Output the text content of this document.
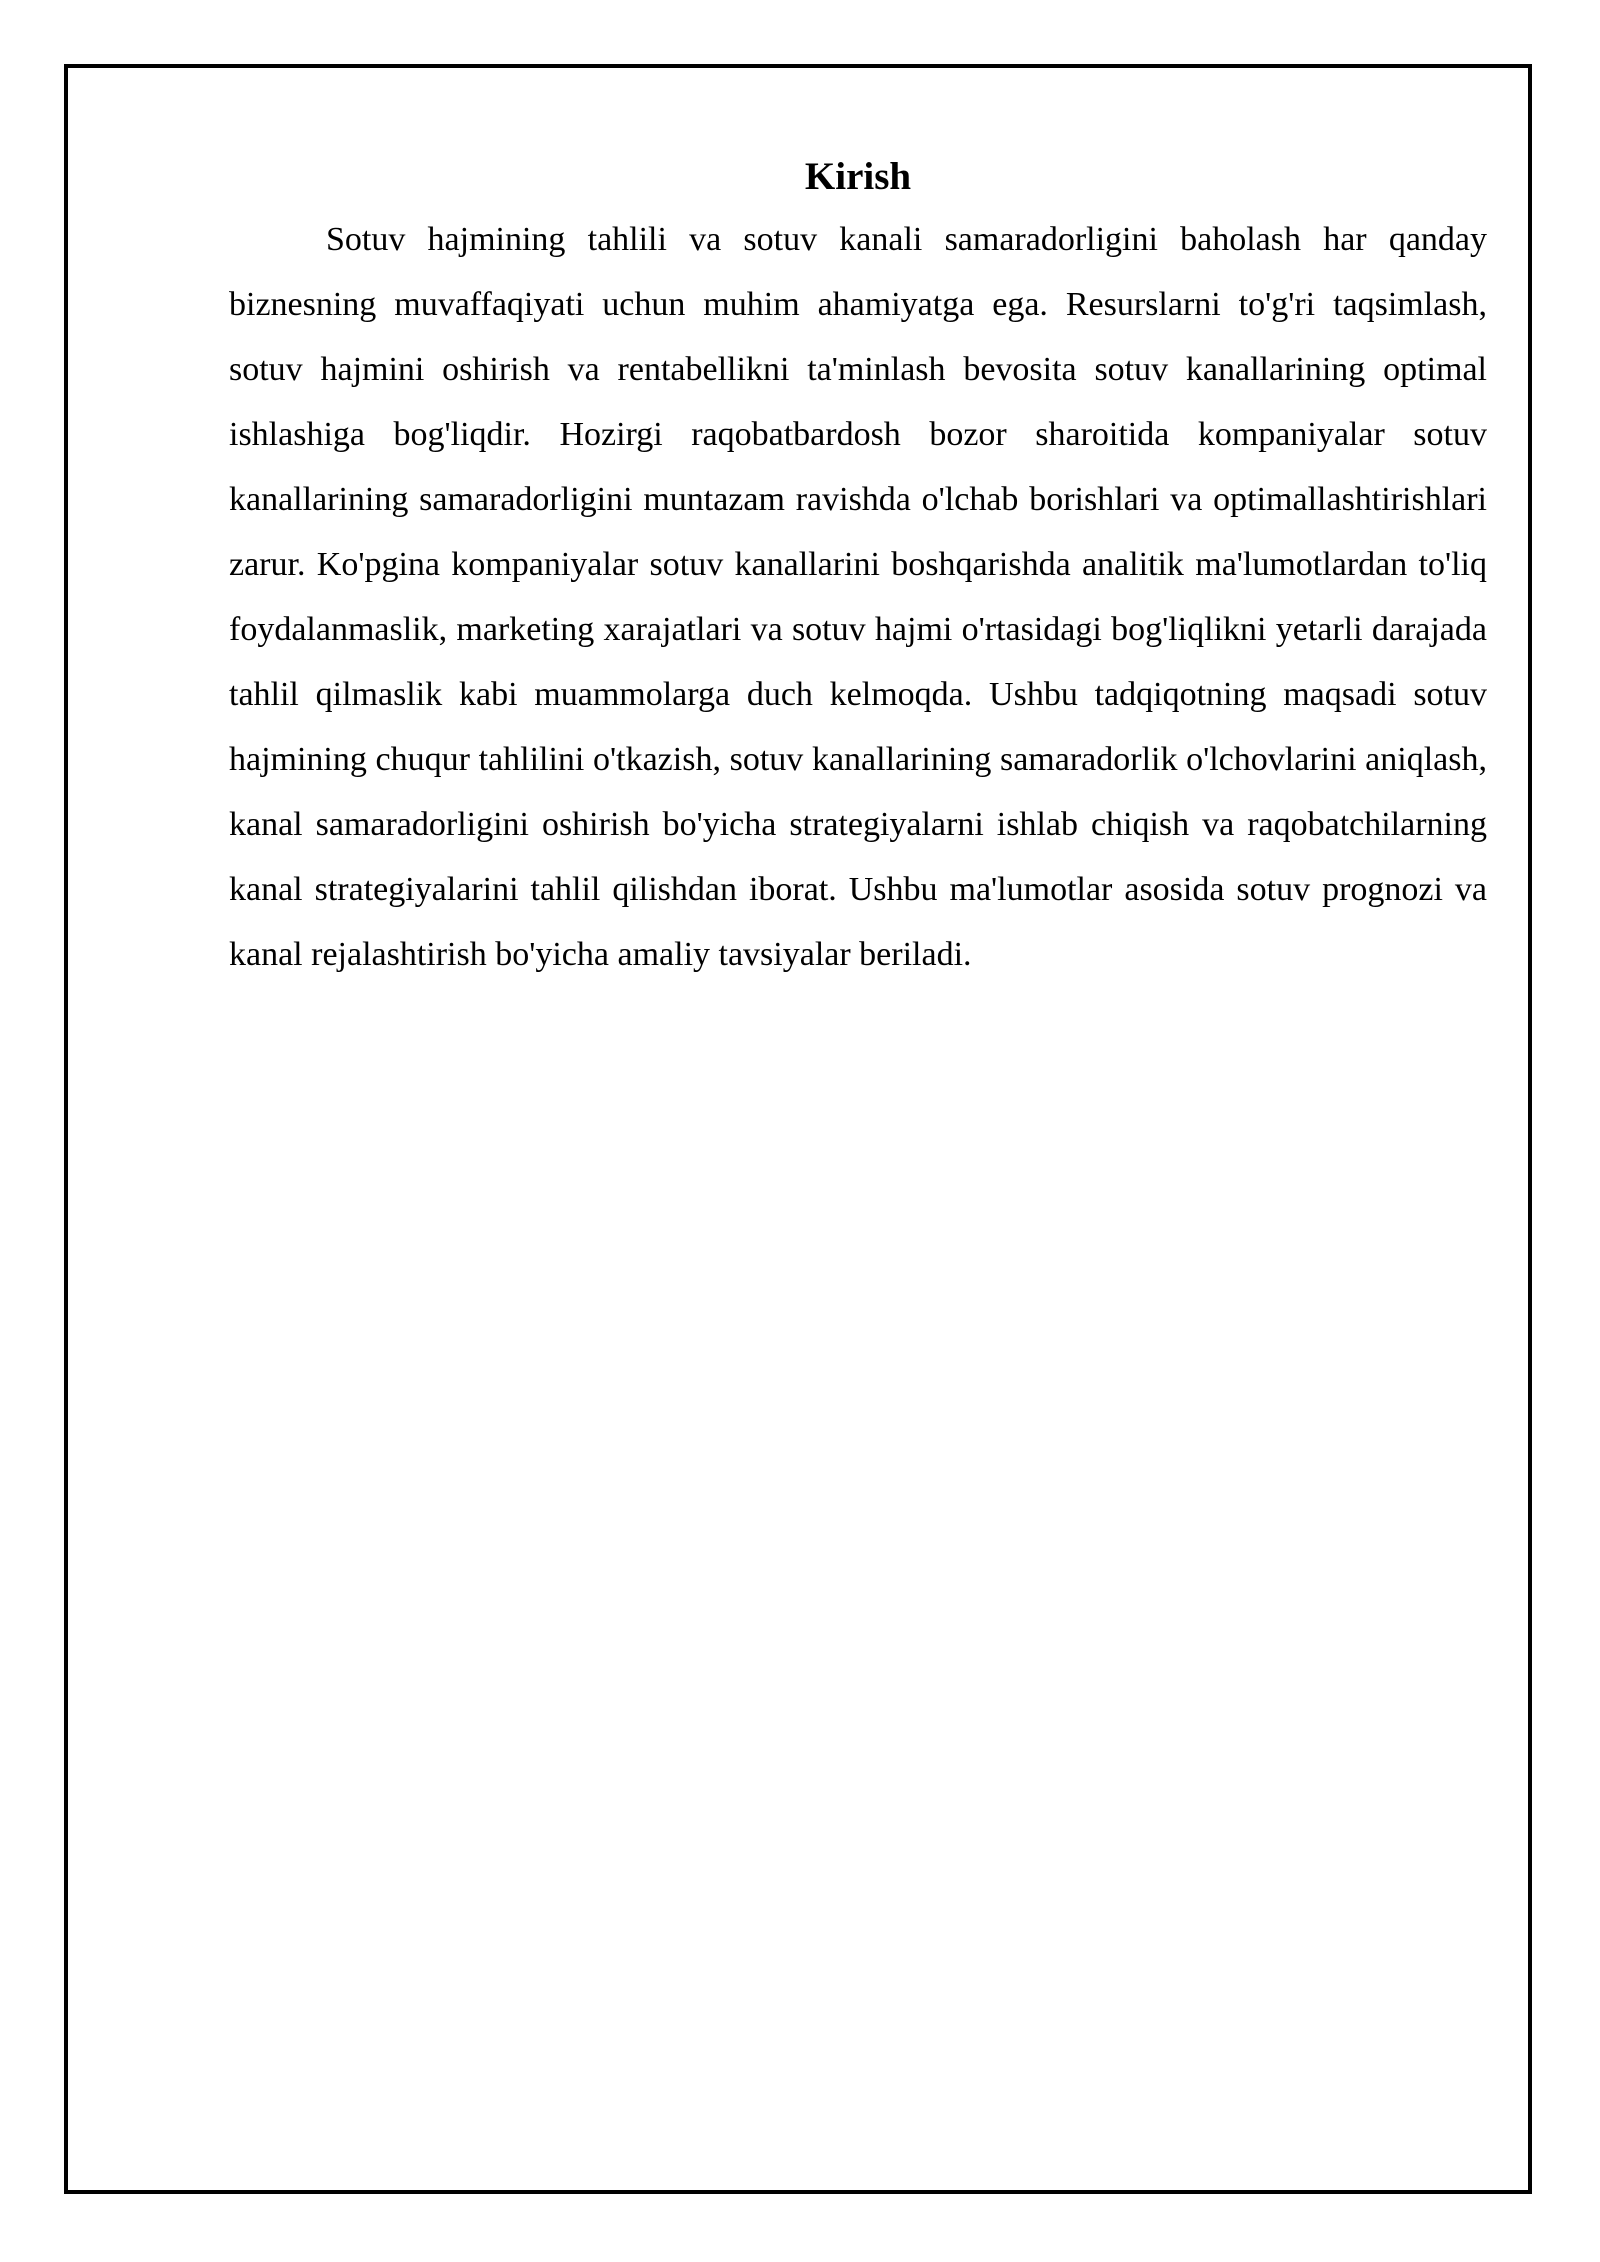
Kirish

Sotuv hajmining tahlili va sotuv kanali samaradorligini baholash har qanday biznesning muvaffaqiyati uchun muhim ahamiyatga ega. Resurslarni to'g'ri taqsimlash, sotuv hajmini oshirish va rentabellikni ta'minlash bevosita sotuv kanallarining optimal ishlashiga bog'liqdir. Hozirgi raqobatbardosh bozor sharoitida kompaniyalar sotuv kanallarining samaradorligini muntazam ravishda o'lchab borishlari va optimallashtirishlari zarur. Ko'pgina kompaniyalar sotuv kanallarini boshqarishda analitik ma'lumotlardan to'liq foydalanmaslik, marketing xarajatlari va sotuv hajmi o'rtasidagi bog'liqlikni yetarli darajada tahlil qilmaslik kabi muammolarga duch kelmoqda. Ushbu tadqiqotning maqsadi sotuv hajmining chuqur tahlilini o'tkazish, sotuv kanallarining samaradorlik o'lchovlarini aniqlash, kanal samaradorligini oshirish bo'yicha strategiyalarni ishlab chiqish va raqobatchilarning kanal strategiyalarini tahlil qilishdan iborat. Ushbu ma'lumotlar asosida sotuv prognozi va kanal rejalashtirish bo'yicha amaliy tavsiyalar beriladi.
